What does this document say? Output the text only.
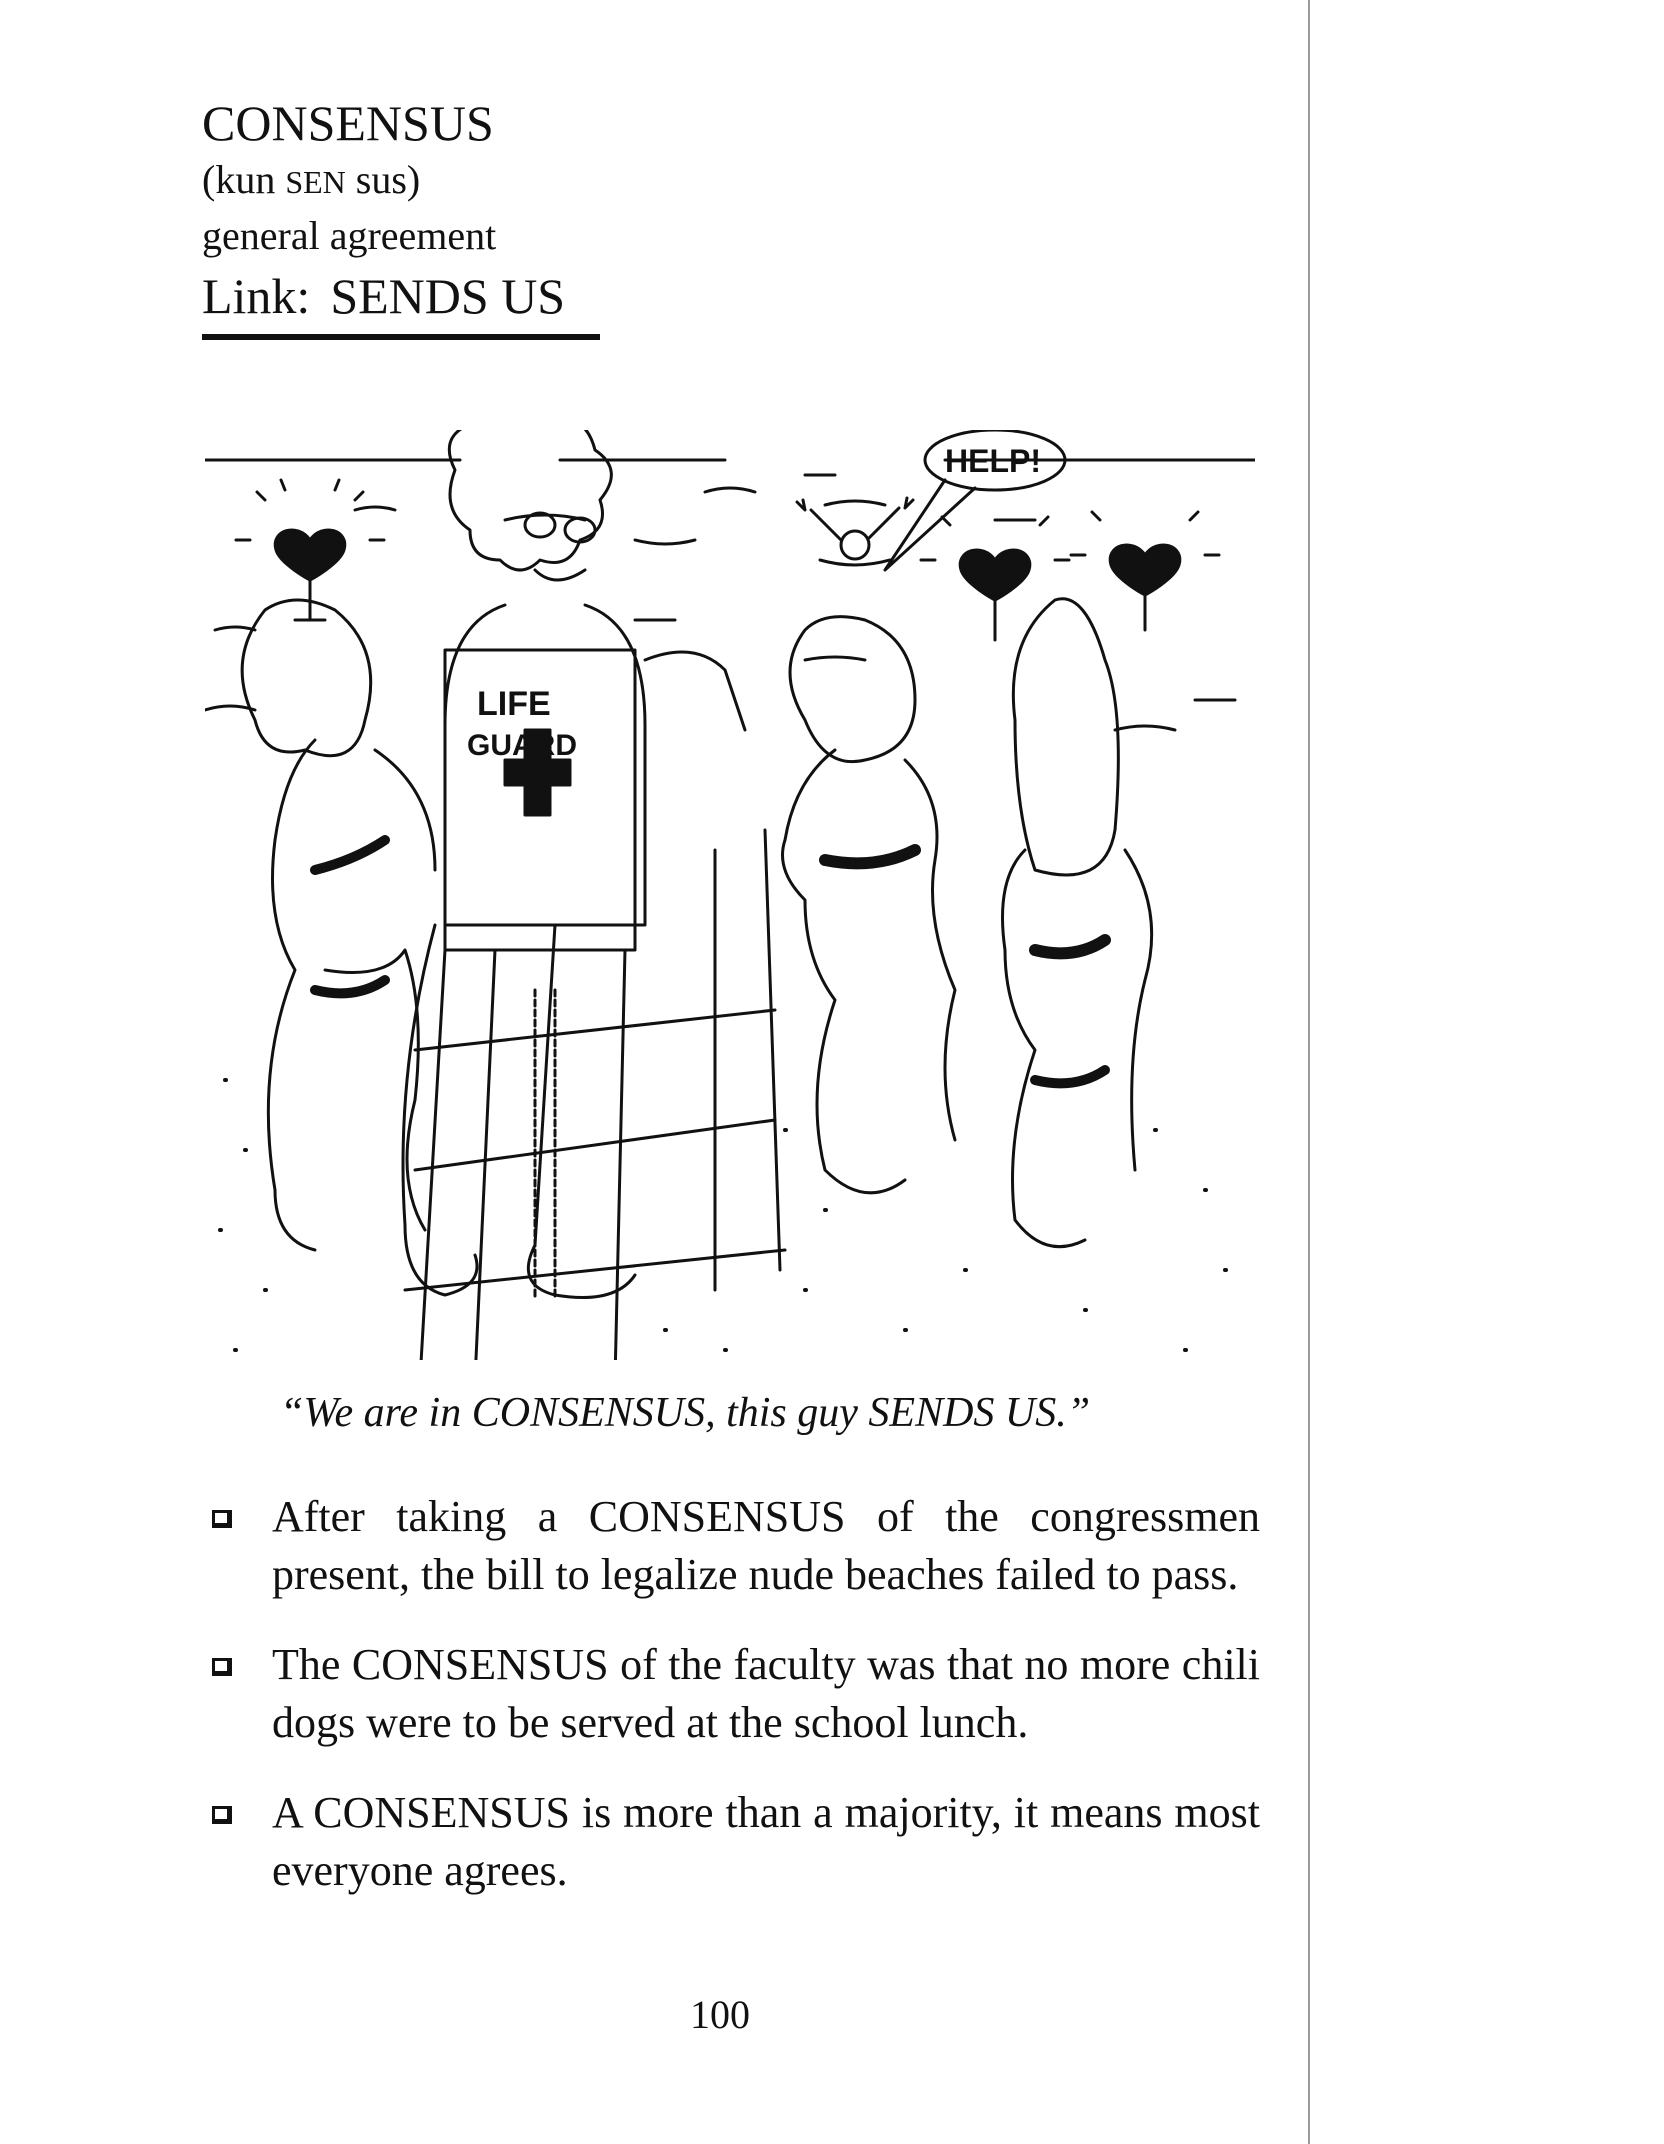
CONSENSUS
(kun SEN sus)
general agreement
Link: SENDS US
LIFE
GUARD
HELP!
“We are in CONSENSUS, this guy SENDS US.”
After taking a CONSENSUS of the congressmen present, the bill to legalize nude beaches failed to pass.
The CONSENSUS of the faculty was that no more chili dogs were to be served at the school lunch.
A CONSENSUS is more than a majority, it means most everyone agrees.
100
